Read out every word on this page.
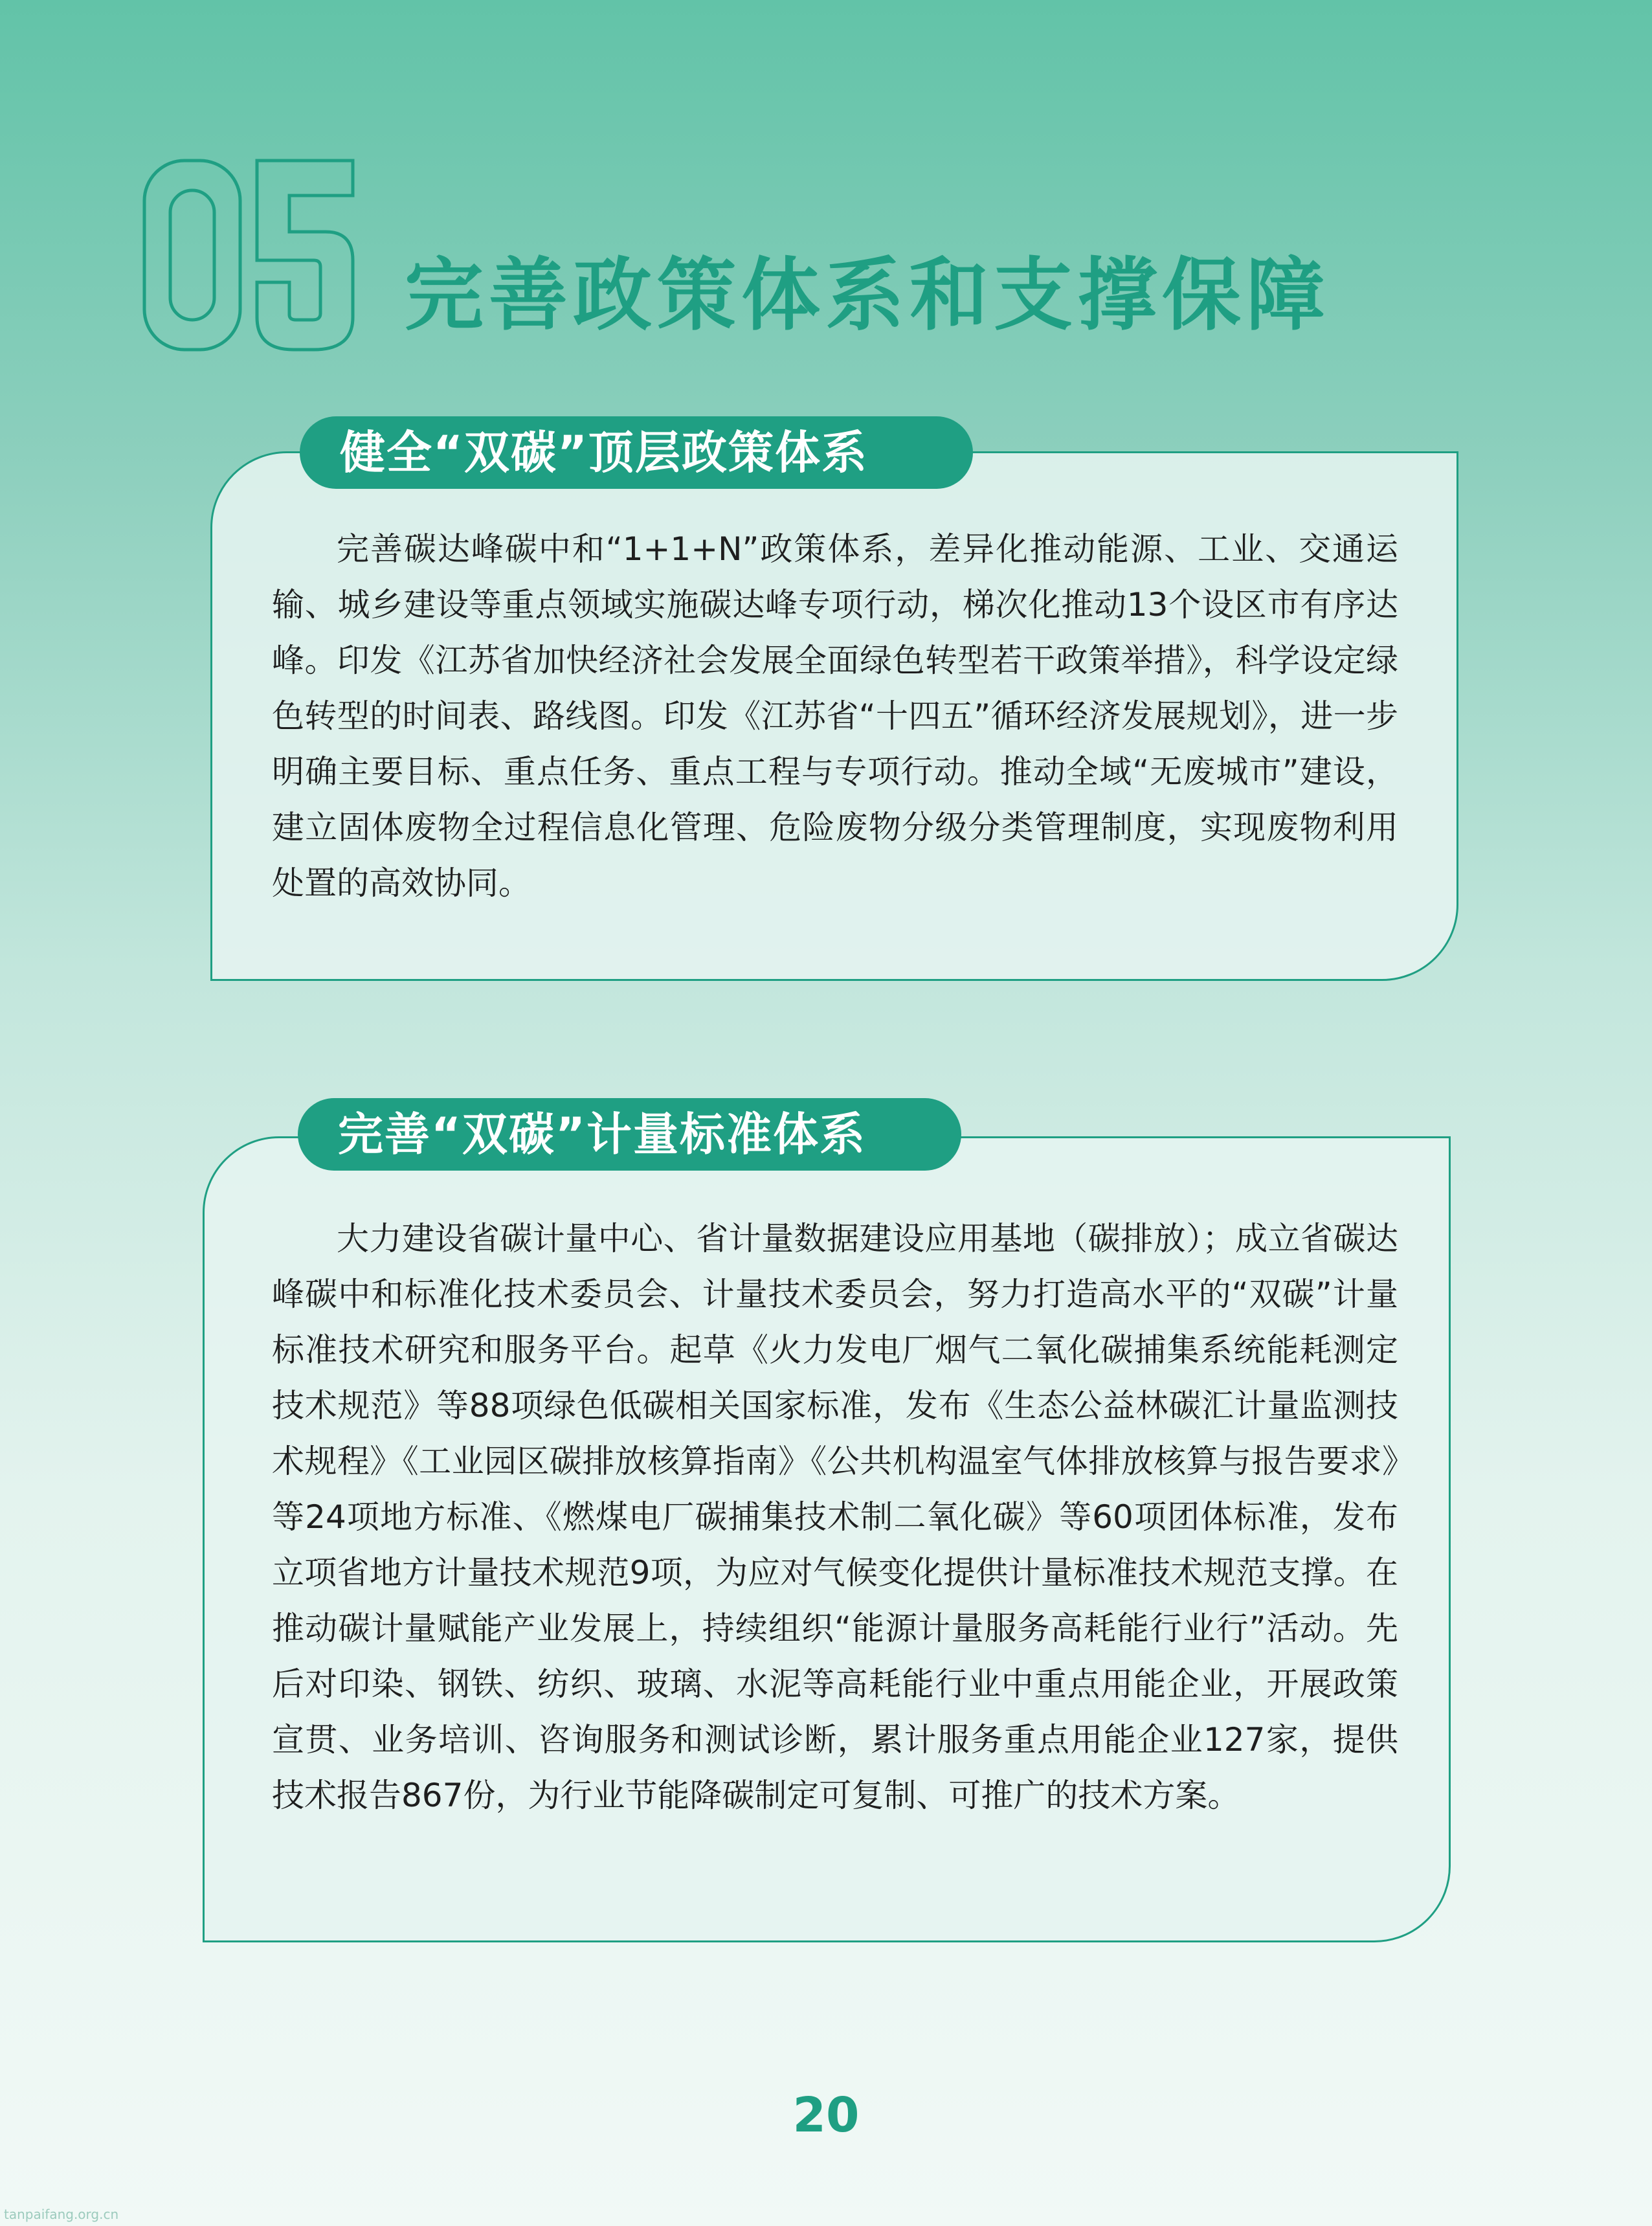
05
完善政策体系和支撑保障
健全“双碳”顶层政策体系

完善碳达峰碳中和“1+1+N”政策体系，差异化推动能源、工业、交通运输、城乡建设等重点领域实施碳达峰专项行动，梯次化推动13个设区市有序达峰。印发《江苏省加快经济社会发展全面绿色转型若干政策举措》，科学设定绿色转型的时间表、路线图。印发《江苏省“十四五”循环经济发展规划》，进一步明确主要目标、重点任务、重点工程与专项行动。推动全域“无废城市”建设，建立固体废物全过程信息化管理、危险废物分级分类管理制度，实现废物利用处置的高效协同。

完善“双碳”计量标准体系

大力建设省碳计量中心、省计量数据建设应用基地（碳排放）；成立省碳达峰碳中和标准化技术委员会、计量技术委员会，努力打造高水平的“双碳”计量标准技术研究和服务平台。起草《火力发电厂烟气二氧化碳捕集系统能耗测定技术规范》等88项绿色低碳相关国家标准，发布《生态公益林碳汇计量监测技术规程》《工业园区碳排放核算指南》《公共机构温室气体排放核算与报告要求》等24项地方标准、《燃煤电厂碳捕集技术制二氧化碳》等60项团体标准，发布立项省地方计量技术规范9项，为应对气候变化提供计量标准技术规范支撑。在推动碳计量赋能产业发展上，持续组织“能源计量服务高耗能行业行”活动。先后对印染、钢铁、纺织、玻璃、水泥等高耗能行业中重点用能企业，开展政策宣贯、业务培训、咨询服务和测试诊断，累计服务重点用能企业127家，提供技术报告867份，为行业节能降碳制定可复制、可推广的技术方案。

20
tanpaifang.org.cn
